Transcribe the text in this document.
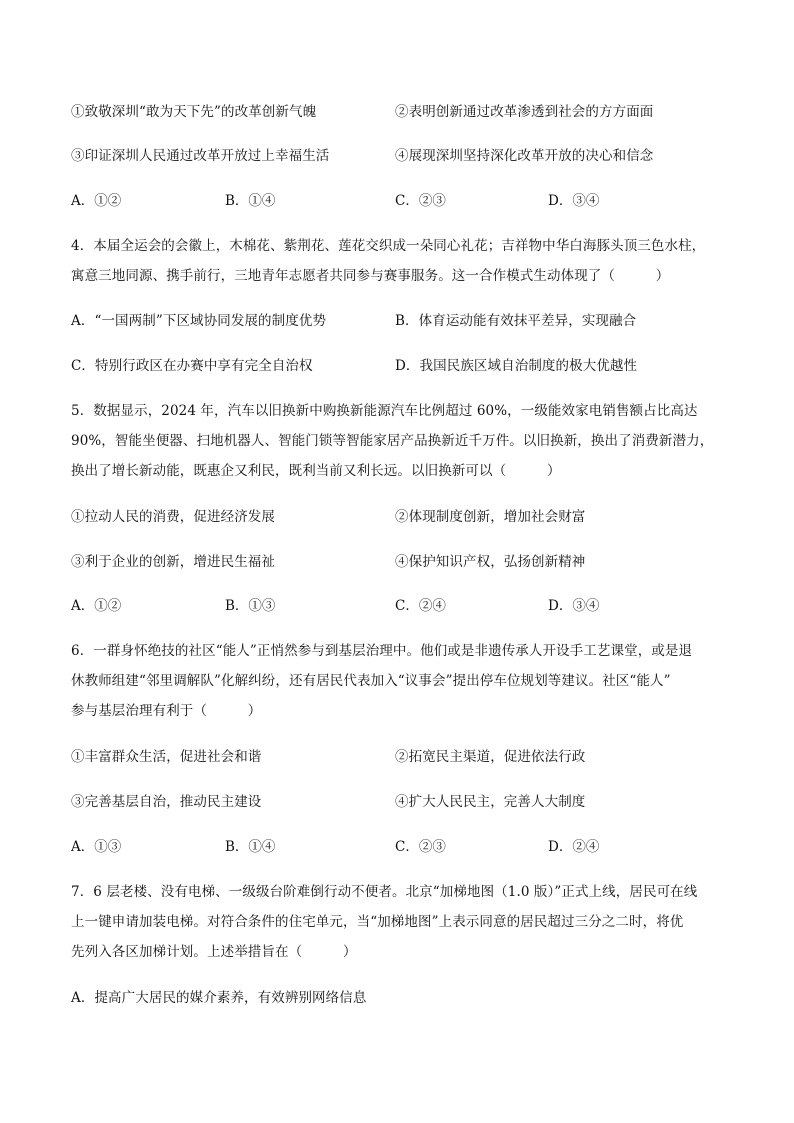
①致敬深圳“敢为天下先”的改革创新气魄	②表明创新通过改革渗透到社会的方方面面
③印证深圳人民通过改革开放过上幸福生活	④展现深圳坚持深化改革开放的决心和信念
A．①②	B．①④	C．②③	D．③④
4．本届全运会的会徽上，木棉花、紫荆花、莲花交织成一朵同心礼花；吉祥物中华白海豚头顶三色水柱，
寓意三地同源、携手前行，三地青年志愿者共同参与赛事服务。这一合作模式生动体现了（　　　）
A．“一国两制”下区域协同发展的制度优势	B．体育运动能有效抹平差异，实现融合
C．特别行政区在办赛中享有完全自治权	D．我国民族区域自治制度的极大优越性
5．数据显示，2024 年，汽车以旧换新中购换新能源汽车比例超过 60%，一级能效家电销售额占比高达
90%，智能坐便器、扫地机器人、智能门锁等智能家居产品换新近千万件。以旧换新，换出了消费新潜力，
换出了增长新动能，既惠企又利民，既利当前又利长远。以旧换新可以（　　　）
①拉动人民的消费，促进经济发展	②体现制度创新，增加社会财富
③利于企业的创新，增进民生福祉	④保护知识产权，弘扬创新精神
A．①②	B．①③	C．②④	D．③④
6．一群身怀绝技的社区“能人”正悄然参与到基层治理中。他们或是非遗传承人开设手工艺课堂，或是退
休教师组建“邻里调解队”化解纠纷，还有居民代表加入“议事会”提出停车位规划等建议。社区“能人”
参与基层治理有利于（　　　）
①丰富群众生活，促进社会和谐	②拓宽民主渠道，促进依法行政
③完善基层自治，推动民主建设	④扩大人民民主，完善人大制度
A．①③	B．①④	C．②③	D．②④
7．6 层老楼、没有电梯、一级级台阶难倒行动不便者。北京“加梯地图（1.0 版）”正式上线，居民可在线
上一键申请加装电梯。对符合条件的住宅单元，当“加梯地图”上表示同意的居民超过三分之二时，将优
先列入各区加梯计划。上述举措旨在（　　　）
A．提高广大居民的媒介素养，有效辨别网络信息
